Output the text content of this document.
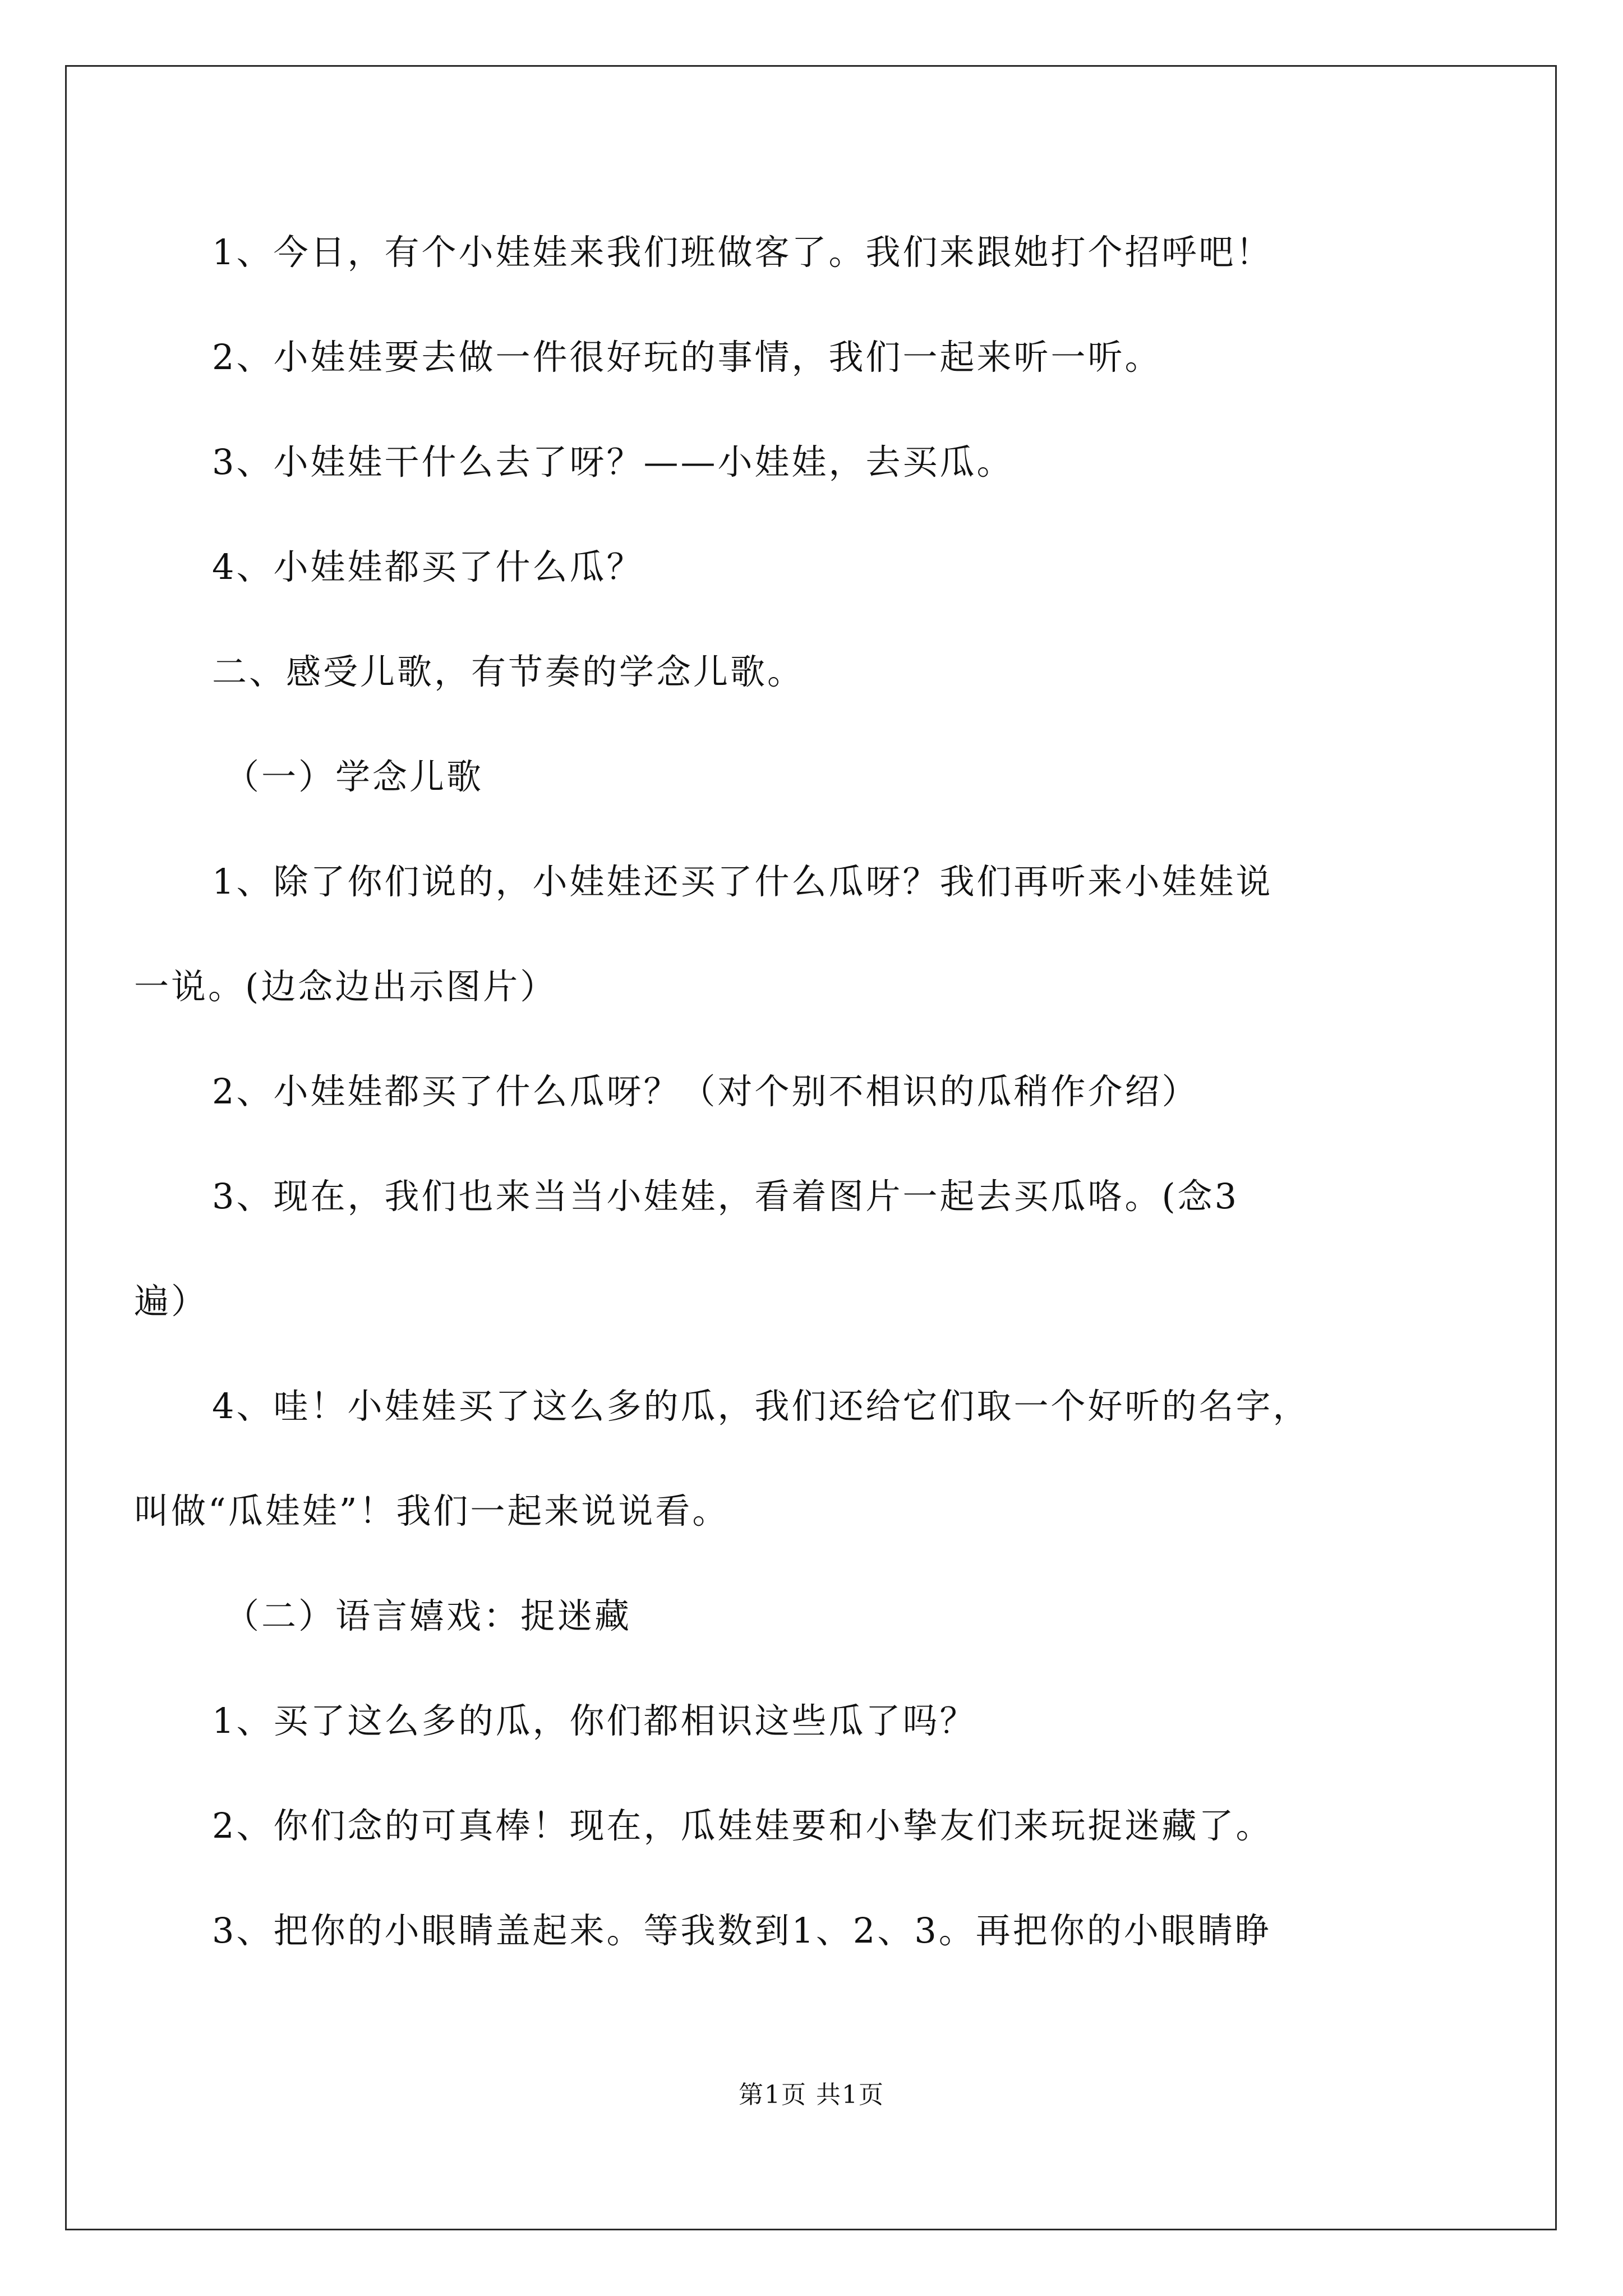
1、今日，有个小娃娃来我们班做客了。我们来跟她打个招呼吧！
2、小娃娃要去做一件很好玩的事情，我们一起来听一听。
3、小娃娃干什么去了呀？——小娃娃，去买瓜。
4、小娃娃都买了什么瓜？
二、感受儿歌，有节奏的学念儿歌。
（一）学念儿歌
1、除了你们说的，小娃娃还买了什么瓜呀？我们再听来小娃娃说
一说。(边念边出示图片）
2、小娃娃都买了什么瓜呀？（对个别不相识的瓜稍作介绍）
3、现在，我们也来当当小娃娃，看着图片一起去买瓜咯。(念3
遍）
4、哇！小娃娃买了这么多的瓜，我们还给它们取一个好听的名字，
叫做“瓜娃娃”！我们一起来说说看。
（二）语言嬉戏：捉迷藏
1、买了这么多的瓜，你们都相识这些瓜了吗？
2、你们念的可真棒！现在，瓜娃娃要和小挚友们来玩捉迷藏了。
3、把你的小眼睛盖起来。等我数到1、2、3。再把你的小眼睛睁
第1页 共1页
